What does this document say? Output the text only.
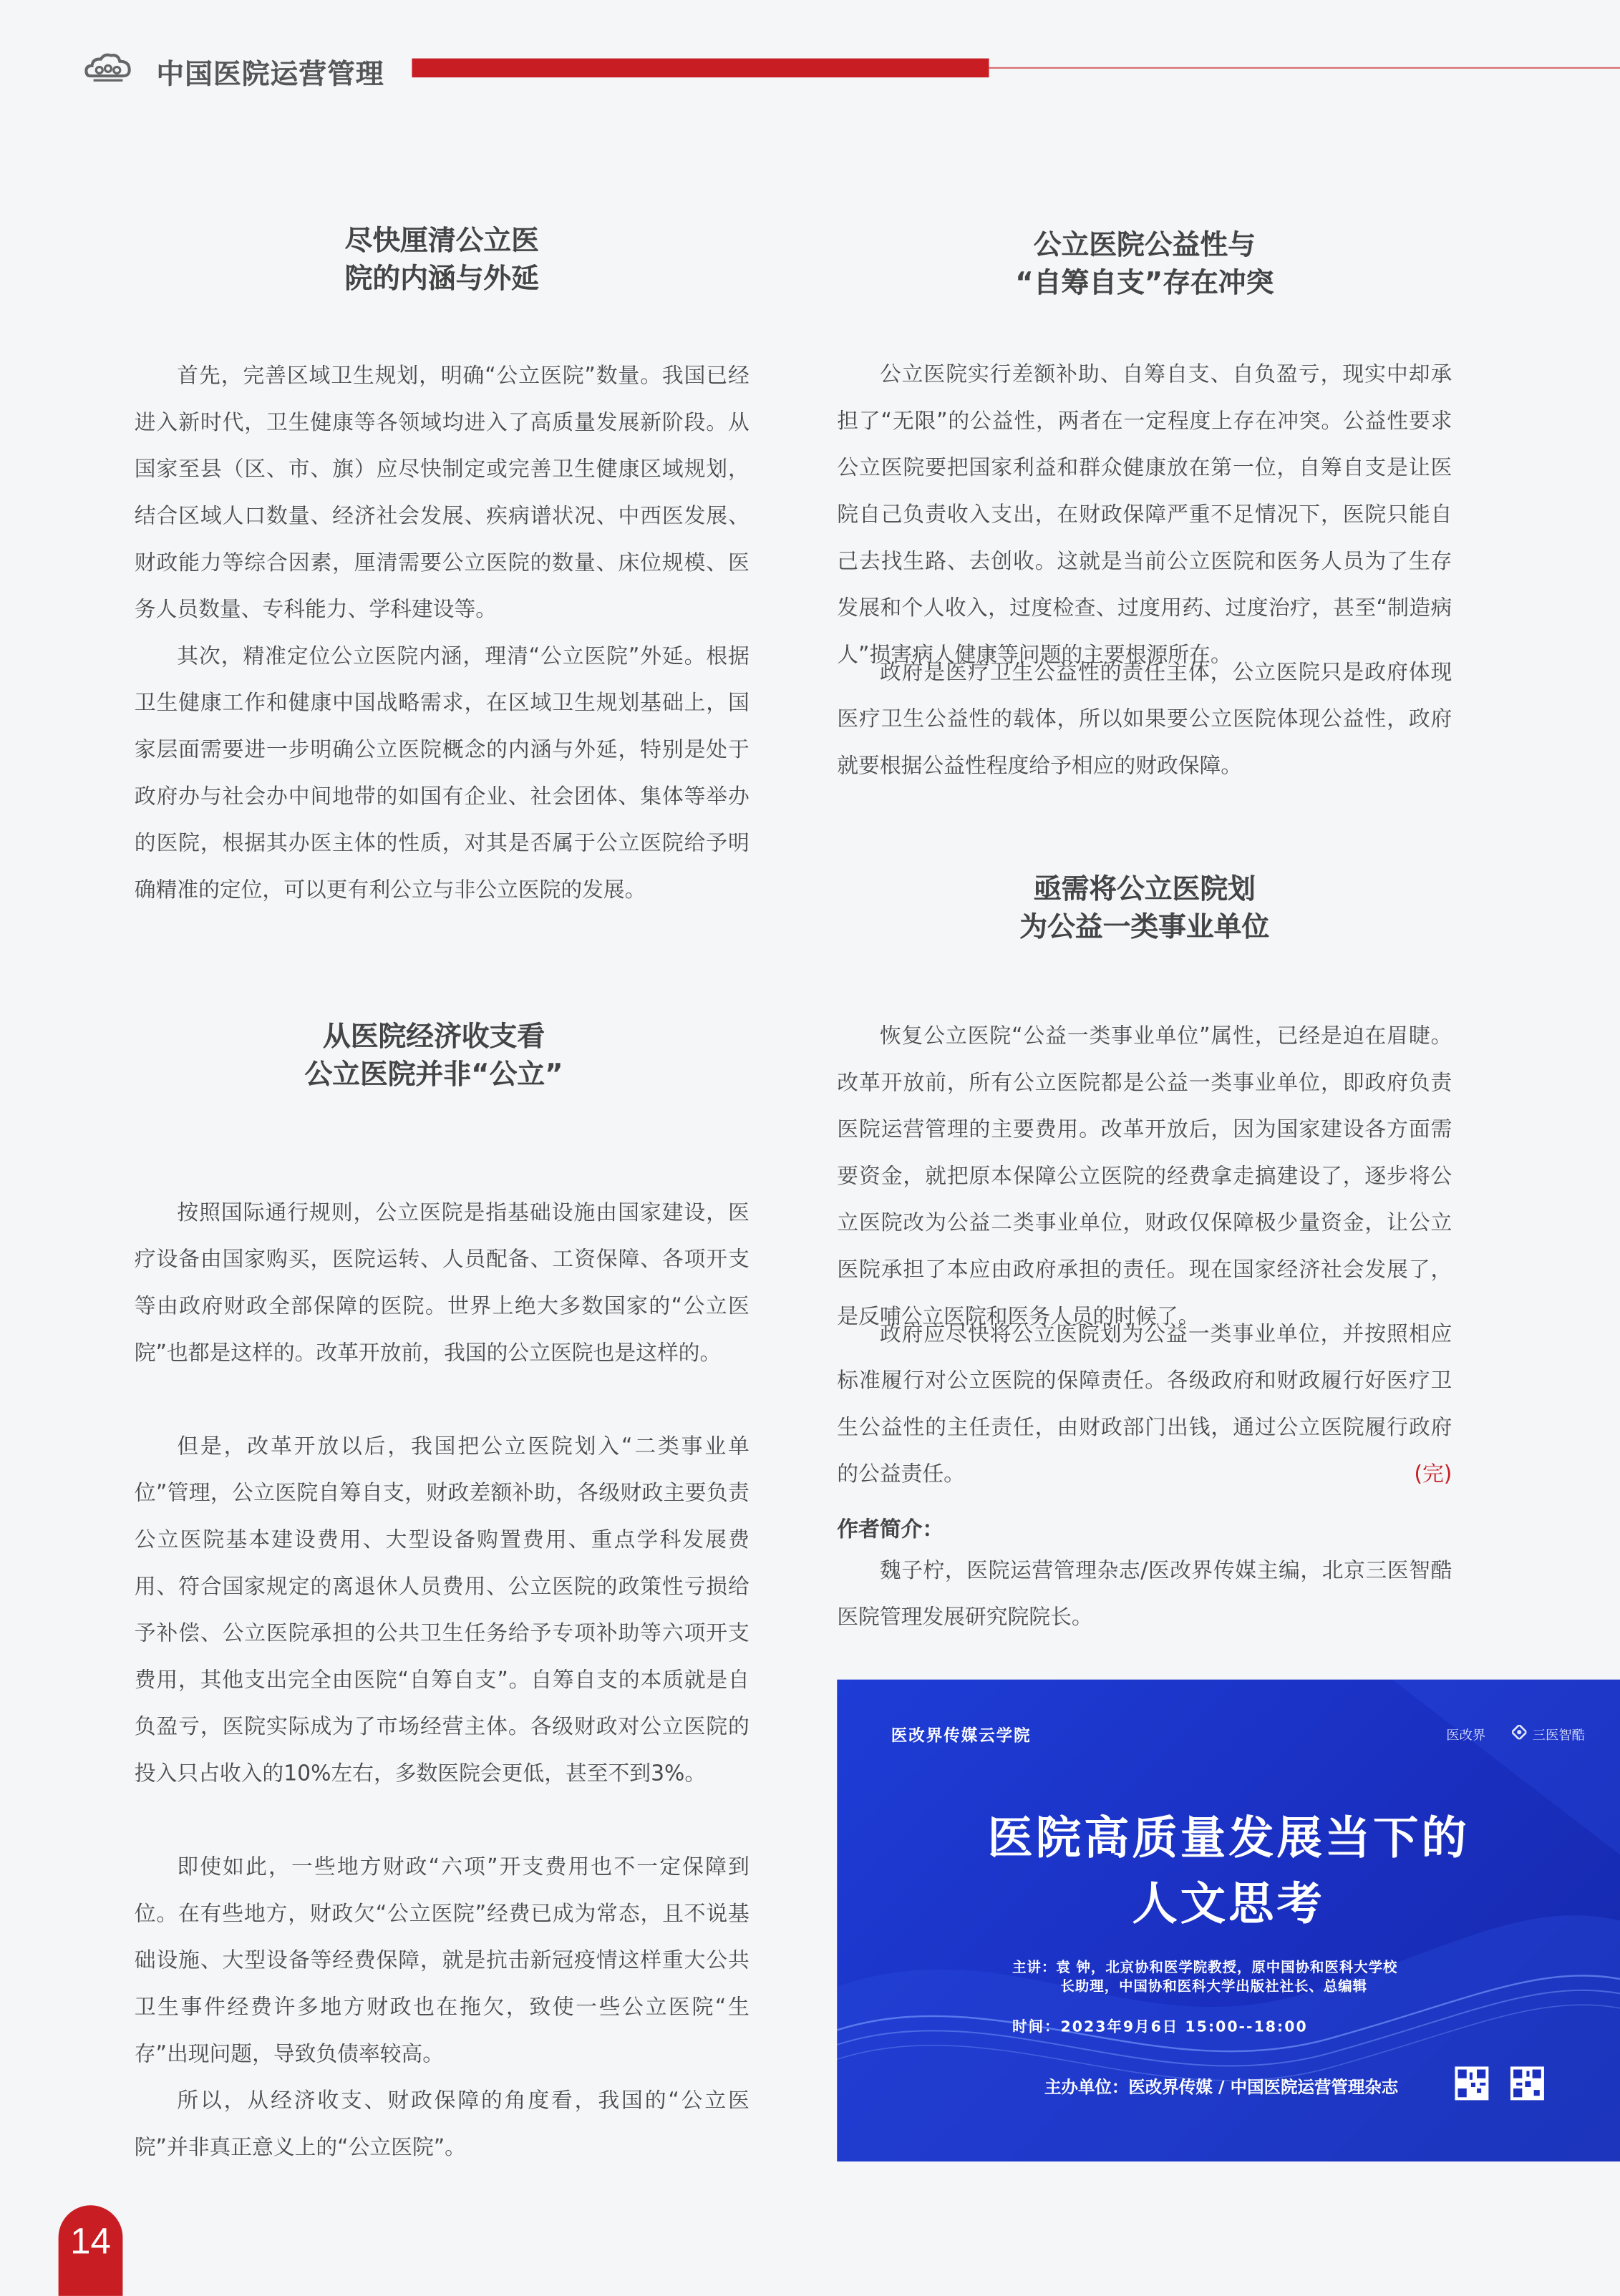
中国医院运营管理
尽快厘清公立医
院的内涵与外延

首先，完善区域卫生规划，明确“公立医院”数量。我国已经进入新时代，卫生健康等各领域均进入了高质量发展新阶段。从国家至县（区、市、旗）应尽快制定或完善卫生健康区域规划，结合区域人口数量、经济社会发展、疾病谱状况、中西医发展、财政能力等综合因素，厘清需要公立医院的数量、床位规模、医务人员数量、专科能力、学科建设等。

其次，精准定位公立医院内涵，理清“公立医院”外延。根据卫生健康工作和健康中国战略需求，在区域卫生规划基础上，国家层面需要进一步明确公立医院概念的内涵与外延，特别是处于政府办与社会办中间地带的如国有企业、社会团体、集体等举办的医院，根据其办医主体的性质，对其是否属于公立医院给予明确精准的定位，可以更有利公立与非公立医院的发展。

从医院经济收支看
公立医院并非“公立”

按照国际通行规则，公立医院是指基础设施由国家建设，医疗设备由国家购买，医院运转、人员配备、工资保障、各项开支等由政府财政全部保障的医院。世界上绝大多数国家的“公立医院”也都是这样的。改革开放前，我国的公立医院也是这样的。

但是，改革开放以后，我国把公立医院划入“二类事业单位”管理，公立医院自筹自支，财政差额补助，各级财政主要负责公立医院基本建设费用、大型设备购置费用、重点学科发展费用、符合国家规定的离退休人员费用、公立医院的政策性亏损给予补偿、公立医院承担的公共卫生任务给予专项补助等六项开支费用，其他支出完全由医院“自筹自支”。自筹自支的本质就是自负盈亏，医院实际成为了市场经营主体。各级财政对公立医院的投入只占收入的10%左右，多数医院会更低，甚至不到3%。

即使如此，一些地方财政“六项”开支费用也不一定保障到位。在有些地方，财政欠“公立医院”经费已成为常态，且不说基础设施、大型设备等经费保障，就是抗击新冠疫情这样重大公共卫生事件经费许多地方财政也在拖欠，致使一些公立医院“生存”出现问题，导致负债率较高。

所以，从经济收支、财政保障的角度看，我国的“公立医院”并非真正意义上的“公立医院”。

公立医院公益性与
“自筹自支”存在冲突

公立医院实行差额补助、自筹自支、自负盈亏，现实中却承担了“无限”的公益性，两者在一定程度上存在冲突。公益性要求公立医院要把国家利益和群众健康放在第一位，自筹自支是让医院自己负责收入支出，在财政保障严重不足情况下，医院只能自己去找生路、去创收。这就是当前公立医院和医务人员为了生存发展和个人收入，过度检查、过度用药、过度治疗，甚至“制造病人”损害病人健康等问题的主要根源所在。

政府是医疗卫生公益性的责任主体，公立医院只是政府体现医疗卫生公益性的载体，所以如果要公立医院体现公益性，政府就要根据公益性程度给予相应的财政保障。

亟需将公立医院划
为公益一类事业单位

恢复公立医院“公益一类事业单位”属性，已经是迫在眉睫。改革开放前，所有公立医院都是公益一类事业单位，即政府负责医院运营管理的主要费用。改革开放后，因为国家建设各方面需要资金，就把原本保障公立医院的经费拿走搞建设了，逐步将公立医院改为公益二类事业单位，财政仅保障极少量资金，让公立医院承担了本应由政府承担的责任。现在国家经济社会发展了，是反哺公立医院和医务人员的时候了。

政府应尽快将公立医院划为公益一类事业单位，并按照相应标准履行对公立医院的保障责任。各级政府和财政履行好医疗卫生公益性的主任责任，由财政部门出钱，通过公立医院履行政府的公益责任。	(完)

作者简介：

魏子柠，医院运营管理杂志/医改界传媒主编，北京三医智酷医院管理发展研究院院长。

医改界传媒云学院	医改界	三医智酷
医院高质量发展当下的
人文思考
主讲：袁 钟，北京协和医学院教授，原中国协和医科大学校
长助理，中国协和医科大学出版社社长、总编辑
时间：2023年9月6日 15:00--18:00
主办单位：医改界传媒 / 中国医院运营管理杂志
14
